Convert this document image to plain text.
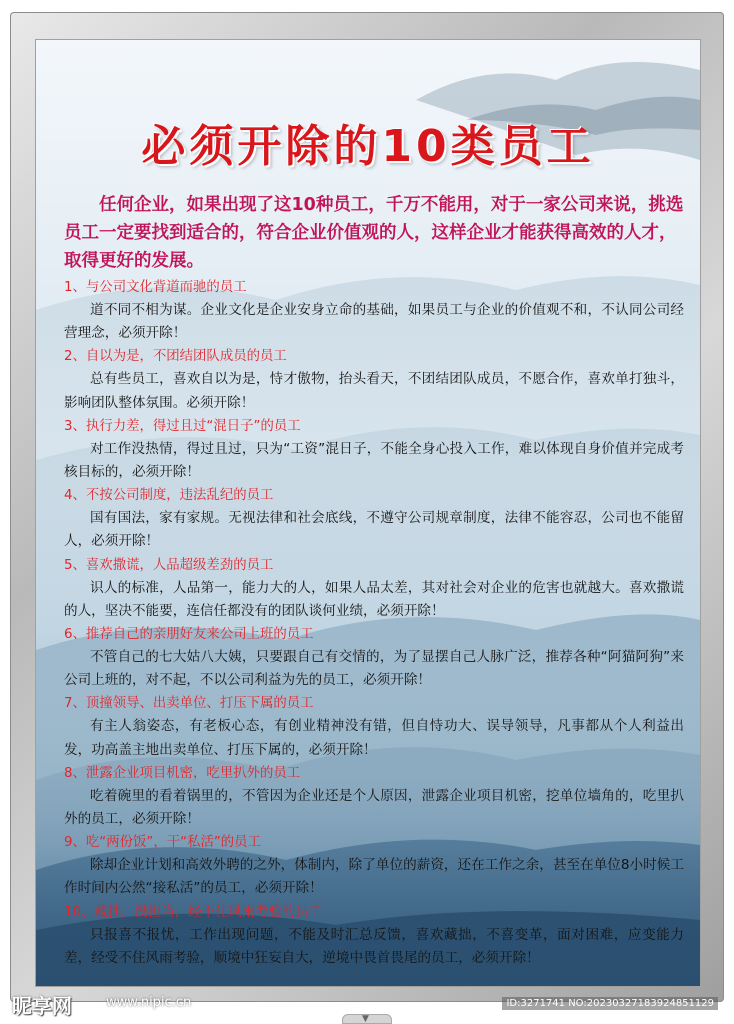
必须开除的10类员工

任何企业，如果出现了这10种员工，千万不能用，对于一家公司来说，挑选员工一定要找到适合的，符合企业价值观的人，这样企业才能获得高效的人才，取得更好的发展。

1、与公司文化背道而驰的员工

道不同不相为谋。企业文化是企业安身立命的基础，如果员工与企业的价值观不和，不认同公司经营理念，必须开除！

2、自以为是，不团结团队成员的员工

总有些员工，喜欢自以为是，恃才傲物，抬头看天，不团结团队成员，不愿合作，喜欢单打独斗，影响团队整体氛围。必须开除！

3、执行力差，得过且过“混日子”的员工

对工作没热情，得过且过，只为“工资”混日子，不能全身心投入工作，难以体现自身价值并完成考核目标的，必须开除！

4、不按公司制度，违法乱纪的员工

国有国法，家有家规。无视法律和社会底线，不遵守公司规章制度，法律不能容忍，公司也不能留人，必须开除！

5、喜欢撒谎，人品超级差劲的员工

识人的标准，人品第一，能力大的人，如果人品太差，其对社会对企业的危害也就越大。喜欢撒谎的人，坚决不能要，连信任都没有的团队谈何业绩，必须开除！

6、推荐自己的亲朋好友来公司上班的员工

不管自己的七大姑八大姨，只要跟自己有交情的，为了显摆自己人脉广泛，推荐各种“阿猫阿狗”来公司上班的，对不起，不以公司利益为先的员工，必须开除！

7、顶撞领导、出卖单位、打压下属的员工

有主人翁姿态，有老板心态，有创业精神没有错，但自恃功大、误导领导，凡事都从个人利益出发，功高盖主地出卖单位、打压下属的，必须开除！

8、泄露企业项目机密，吃里扒外的员工

吃着碗里的看着锅里的，不管因为企业还是个人原因，泄露企业项目机密，挖单位墙角的，吃里扒外的员工，必须开除！

9、吃“两份饭”，干“私活”的员工

除却企业计划和高效外聘的之外，体制内，除了单位的薪资，还在工作之余，甚至在单位8小时候工作时间内公然“接私活”的员工，必须开除！

10、藏拙，没担当，经不住风雨考验的员工

只报喜不报忧，工作出现问题，不能及时汇总反馈，喜欢藏拙，不喜变革，面对困难，应变能力差，经受不住风雨考验，顺境中狂妄自大，逆境中畏首畏尾的员工，必须开除！

昵享网	www.nipic.cn	ID:3271741 NO:20230327183924851129
▼
